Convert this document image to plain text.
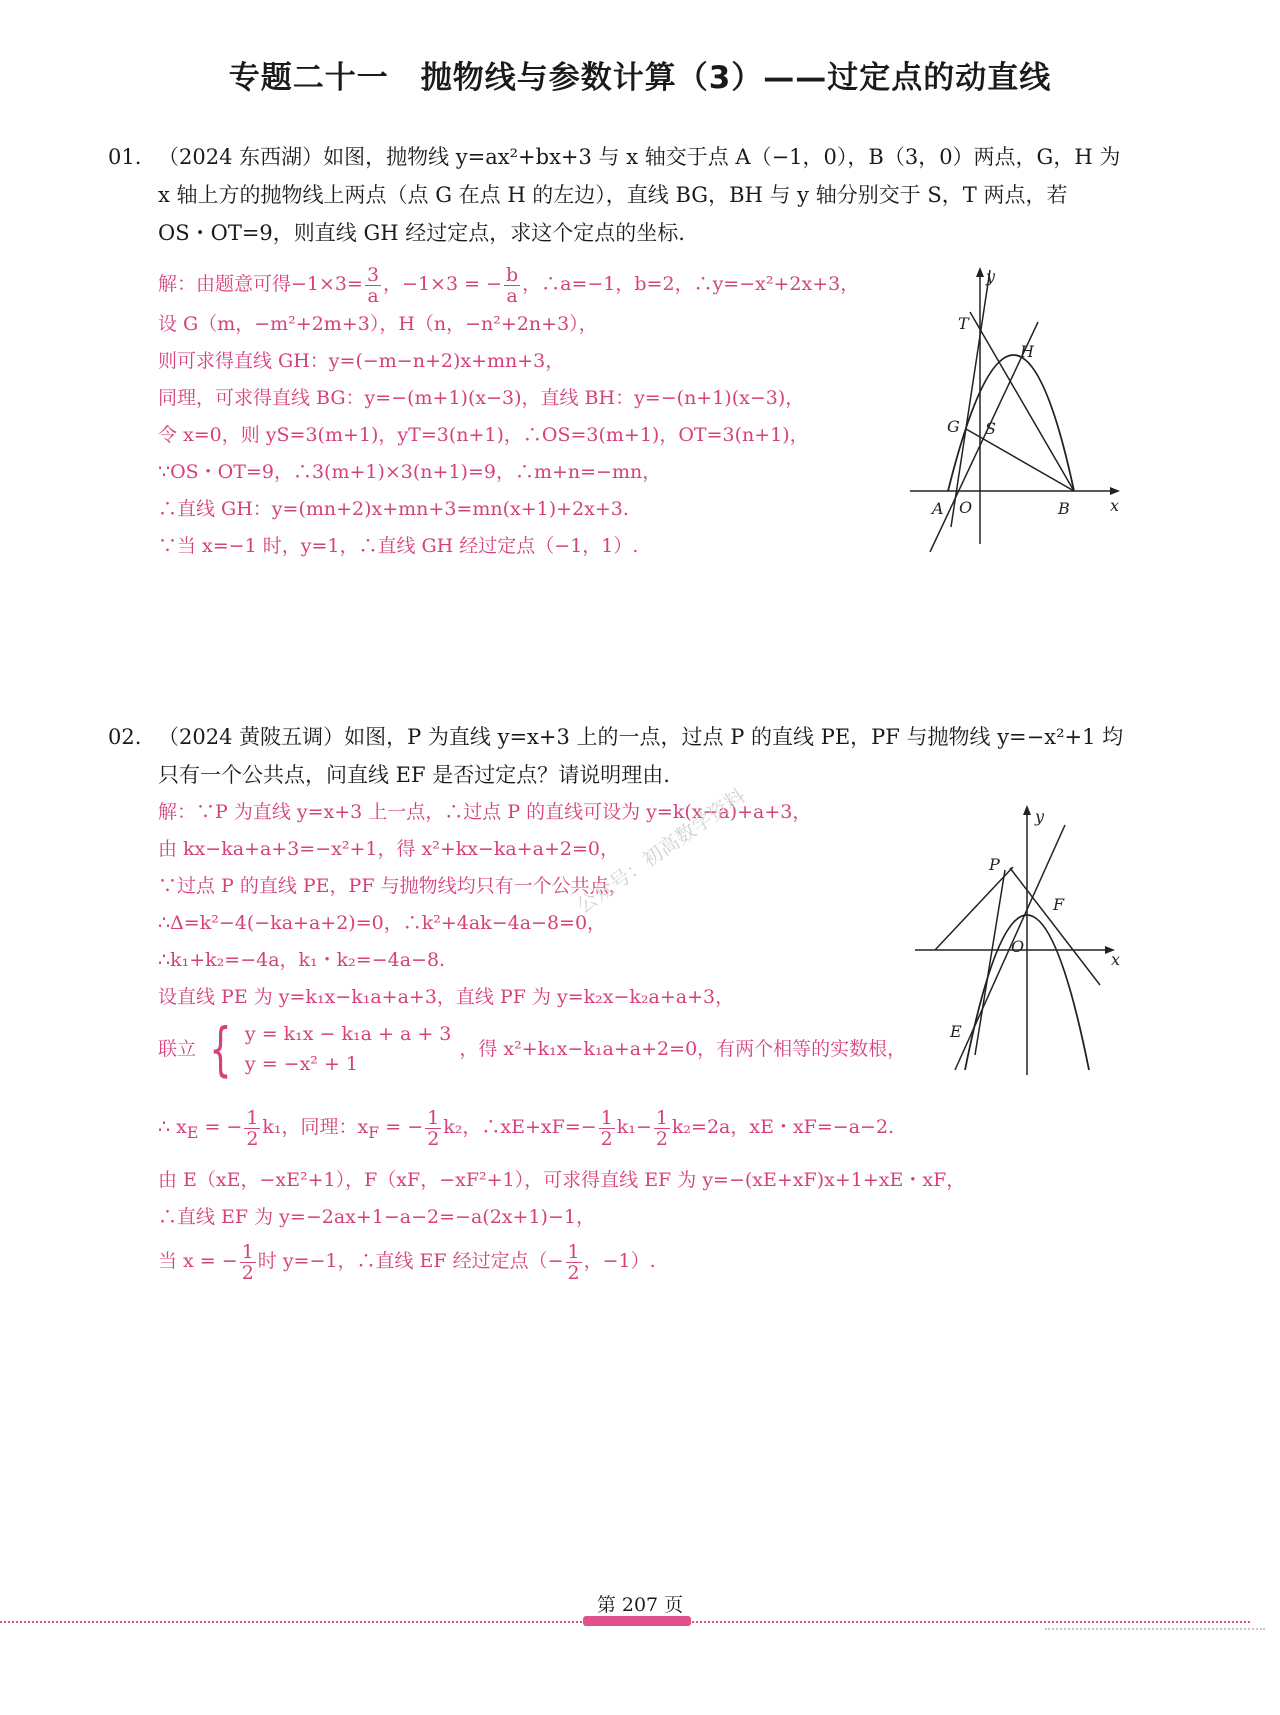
专题二十一　抛物线与参数计算（3）——过定点的动直线
01. （2024 东西湖）如图，抛物线 y=ax²+bx+3 与 x 轴交于点 A（−1，0），B（3，0）两点，G，H 为
x 轴上方的抛物线上两点（点 G 在点 H 的左边），直线 BG，BH 与 y 轴分别交于 S，T 两点，若
OS・OT=9，则直线 GH 经过定点，求这个定点的坐标.
解：由题意可得$-1\times 3= \frac{3}{a}$ ，−1×3 = − $\frac{b}{a}$ ，∴a=−1，b=2，∴y=−x²+2x+3，
设 G（m，−m²+2m+3），H（n，−n²+2n+3），
则可求得直线 GH：y=(−m−n+2)x+mn+3，
同理，可求得直线 BG：y=−(m+1)(x−3)，直线 BH：y=−(n+1)(x−3)，
令 x=0，则 yS=3(m+1)，yT=3(n+1)，∴OS=3(m+1)，OT=3(n+1)，
∵OS・OT=9，∴3(m+1)×3(n+1)=9，∴m+n=−mn，
∴直线 GH：y=(mn+2)x+mn+3=mn(x+1)+2x+3.
∵当 x=−1 时，y=1，∴直线 GH 经过定点（−1，1）.
y
x
T
H
G S
A O	B
02. （2024 黄陂五调）如图，P 为直线 y=x+3 上的一点，过点 P 的直线 PE，PF 与抛物线 y=−x²+1 均
只有一个公共点，问直线 EF 是否过定点？请说明理由.
解：∵P 为直线 y=x+3 上一点，∴过点 P 的直线可设为 y=k(x−a)+a+3，
由 kx−ka+a+3=−x²+1，得 x²+kx−ka+a+2=0，
∵过点 P 的直线 PE，PF 与抛物线均只有一个公共点，
∴Δ=k²−4(−ka+a+2)=0，∴k²+4ak−4a−8=0，
∴k₁+k₂=−4a，k₁・k₂=−4a−8.
设直线 PE 为 y=k₁x−k₁a+a+3，直线 PF 为 y=k₂x−k₂a+a+3，
联立 { y = k₁x − k₁a + a + 3
y = −x² + 1
，得 x²+k₁x−k₁a+a+2=0，有两个相等的实数根，
∴ $x_E$ = − $\frac{1}{2} k_1$，同理：$x_F$ = − $\frac{1}{2} k_2$，∴xE+xF=− $\frac{1}{2} k_1- \frac{1}{2} k_2=2a$，xE・xF=−a−2.
由 E（xE，−xE²+1），F（xF，−xF²+1），可求得直线 EF 为 y=−(xE+xF)x+1+xE・xF，
∴直线 EF 为 y=−2ax+1−a−2=−a(2x+1)−1，
当 x = − $\frac{1}{2}$ 时 y=−1，∴直线 EF 经过定点（− $\frac{1}{2}$ ，−1）.
y
x
P
F
O
E
公众号：初高数学资料
第 207 页
